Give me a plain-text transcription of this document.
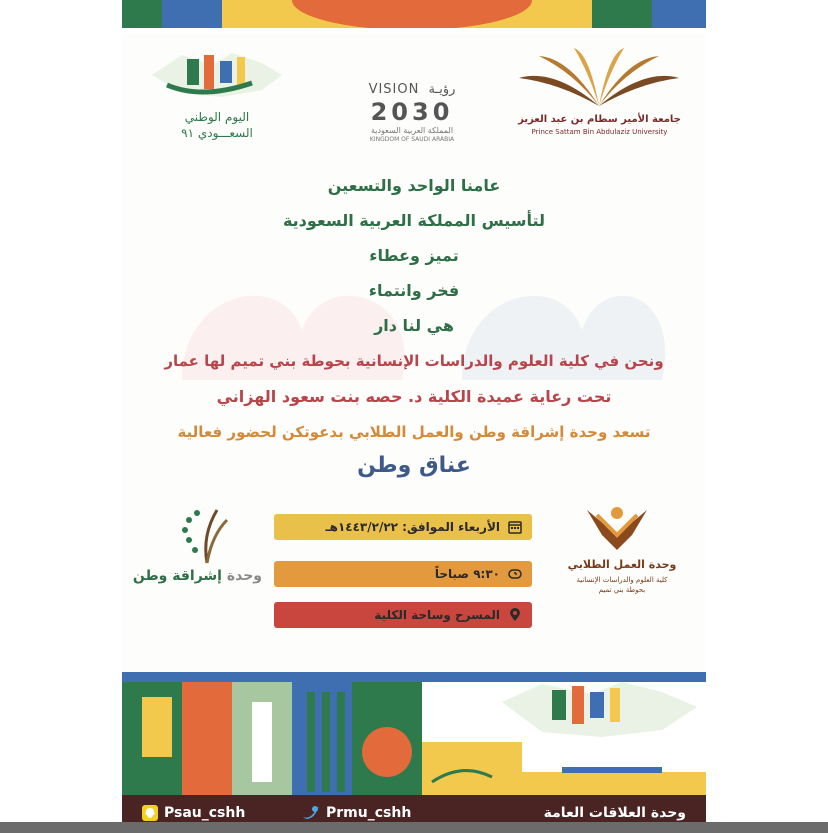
اليوم الوطني
السعـــودي ٩١
VISION رؤيـة
2030
المملكة العربية السعودية
KINGDOM OF SAUDI ARABIA
جامعة الأمير سطام بن عبد العزيز
Prince Sattam Bin Abdulaziz University
عامنا الواحد والتسعين
لتأسيس المملكة العربية السعودية
تميز وعطاء
فخر وانتماء
هي لنا دار
ونحن في كلية العلوم والدراسات الإنسانية بحوطة بني تميم لها عمار
تحت رعاية عميدة الكلية د. حصه بنت سعود الهزاني
تسعد وحدة إشراقة وطن والعمل الطلابي بدعوتكن لحضور فعالية
عناق وطن
وحدة إشراقة وطن
الأربعاء الموافق: ١٤٤٣/٢/٢٢هـ
٩:٣٠ صباحاً
المسرح وساحة الكلية
وحدة العمل الطلابي
كلية العلوم والدراسات الإنسانية
بحوطة بني تميم
Psau_cshh	Prmu_cshh	وحدة العلاقات العامة
